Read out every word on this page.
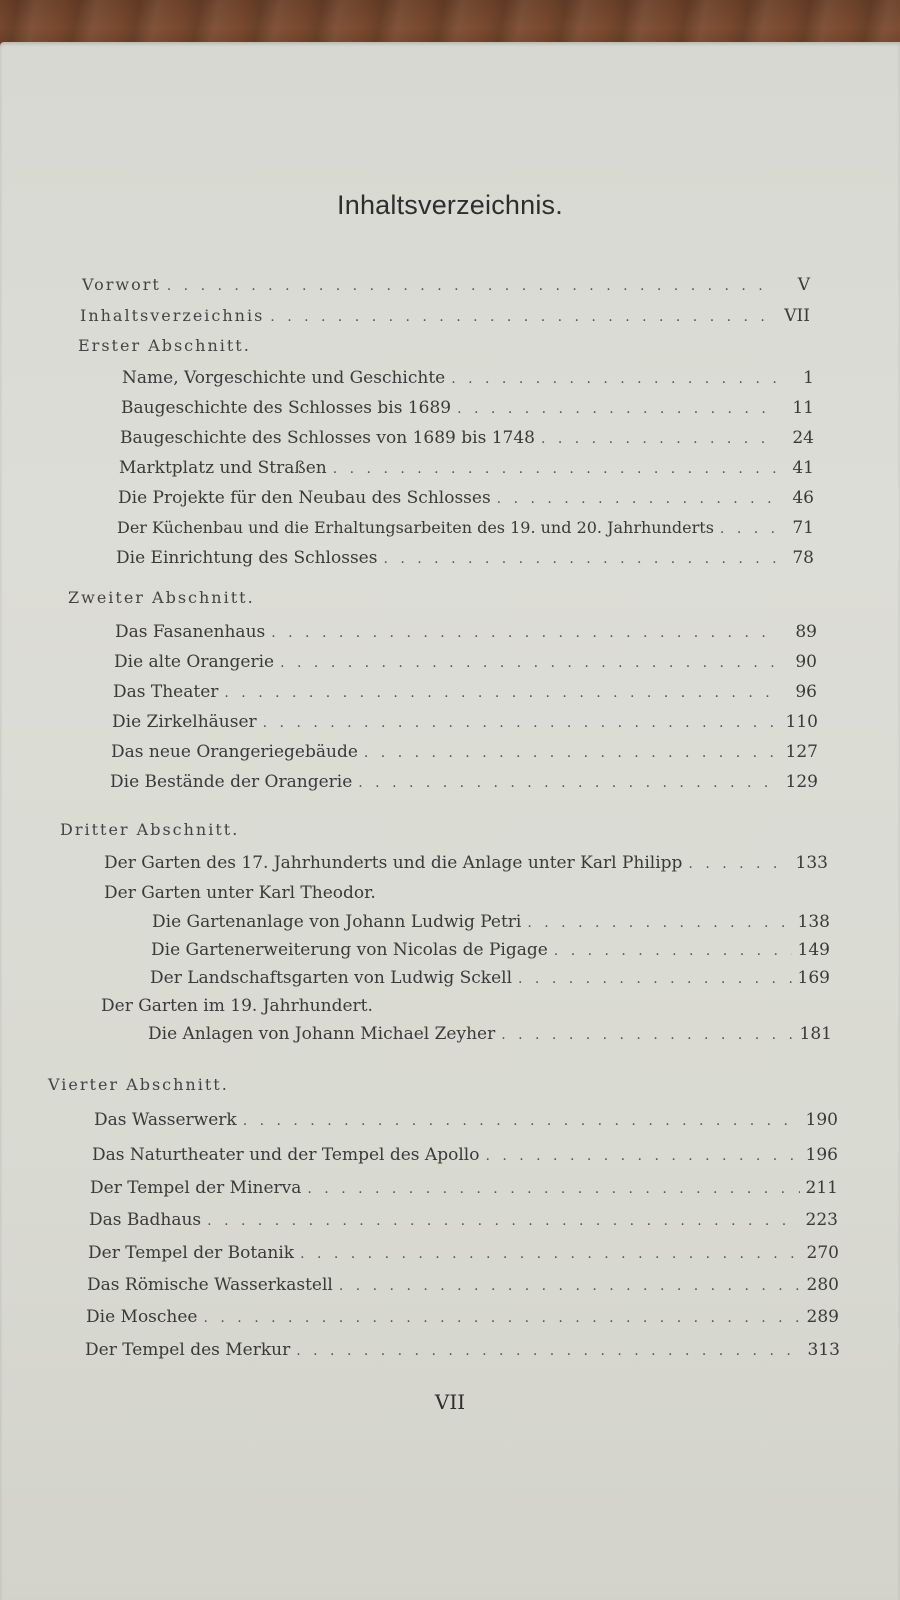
Inhaltsverzeichnis.
Vorwort . . .	V
Inhaltsverzeichnis . . .	VII
Erster Abschnitt.
Name, Vorgeschichte und Geschichte . . .	1
Baugeschichte des Schlosses bis 1689 . . .	11
Baugeschichte des Schlosses von 1689 bis 1748 . . .	24
Marktplatz und Straßen . . .	41
Die Projekte für den Neubau des Schlosses . . .	46
Der Küchenbau und die Erhaltungsarbeiten des 19. und 20. Jahrhunderts . . .	71
Die Einrichtung des Schlosses . . .	78
Zweiter Abschnitt.
Das Fasanenhaus . . .	89
Die alte Orangerie . . .	90
Das Theater . . .	96
Die Zirkelhäuser . . .	110
Das neue Orangeriegebäude . . .	127
Die Bestände der Orangerie . . .	129
Dritter Abschnitt.
Der Garten des 17. Jahrhunderts und die Anlage unter Karl Philipp . . .	133
Der Garten unter Karl Theodor.
Die Gartenanlage von Johann Ludwig Petri . . .	138
Die Gartenerweiterung von Nicolas de Pigage . . .	149
Der Landschaftsgarten von Ludwig Sckell . . .	169
Der Garten im 19. Jahrhundert.
Die Anlagen von Johann Michael Zeyher . . .	181
Vierter Abschnitt.
Das Wasserwerk . . .	190
Das Naturtheater und der Tempel des Apollo . . .	196
Der Tempel der Minerva . . .	211
Das Badhaus . . .	223
Der Tempel der Botanik . . .	270
Das Römische Wasserkastell . . .	280
Die Moschee . . .	289
Der Tempel des Merkur . . .	313
VII
